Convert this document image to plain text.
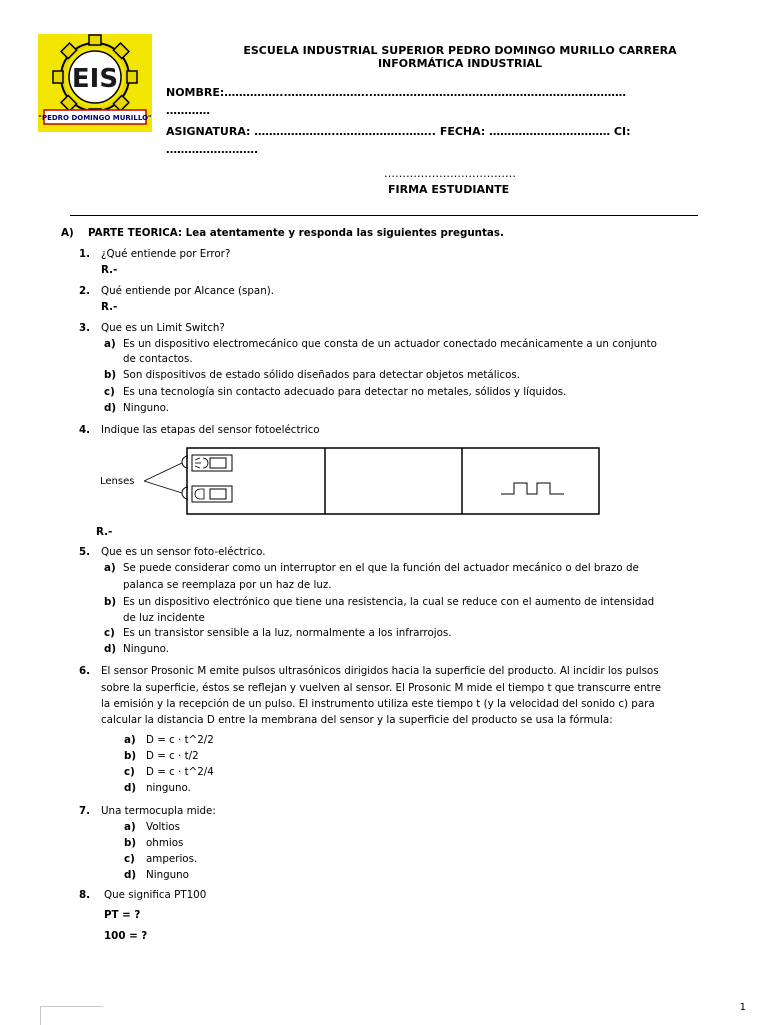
EIS
"PEDRO DOMINGO MURILLO"
ESCUELA INDUSTRIAL SUPERIOR PEDRO DOMINGO MURILLO CARRERA
INFORMÁTICA INDUSTRIAL
NOMBRE:……………..…………………..……………………………………………………………
…………
ASIGNATURA: ………………….……………….…….. FECHA: …………………………… CI:
…………………….
………………………………
FIRMA ESTUDIANTE
A) PARTE TEORICA: Lea atentamente y responda las siguientes preguntas.
1. ¿Qué entiende por Error?
R.-
2. Qué entiende por Alcance (span).
R.-
3. Que es un Limit Switch?
a) Es un dispositivo electromecánico que consta de un actuador conectado mecánicamente a un conjunto
de contactos.
b) Son dispositivos de estado sólido diseñados para detectar objetos metálicos.
c) Es una tecnología sin contacto adecuado para detectar no metales, sólidos y líquidos.
d) Ninguno.
4. Indique las etapas del sensor fotoeléctrico
Lenses
R.-
5. Que es un sensor foto-eléctrico.
a) Se puede considerar como un interruptor en el que la función del actuador mecánico o del brazo de
palanca se reemplaza por un haz de luz.
b) Es un dispositivo electrónico que tiene una resistencia, la cual se reduce con el aumento de intensidad
de luz incidente
c) Es un transistor sensible a la luz, normalmente a los infrarrojos.
d) Ninguno.
6. El sensor Prosonic M emite pulsos ultrasónicos dirigidos hacia la superficie del producto. Al incidir los pulsos
sobre la superficie, éstos se reflejan y vuelven al sensor. El Prosonic M mide el tiempo t que transcurre entre
la emisión y la recepción de un pulso. El instrumento utiliza este tiempo t (y la velocidad del sonido c) para
calcular la distancia D entre la membrana del sensor y la superficie del producto se usa la fórmula:
a) D = c · t^2/2
b) D = c · t/2
c) D = c · t^2/4
d) ninguno.
7. Una termocupla mide:
a) Voltios
b) ohmios
c) amperios.
d) Ninguno
8. Que significa PT100
PT = ?
100 = ?
1
